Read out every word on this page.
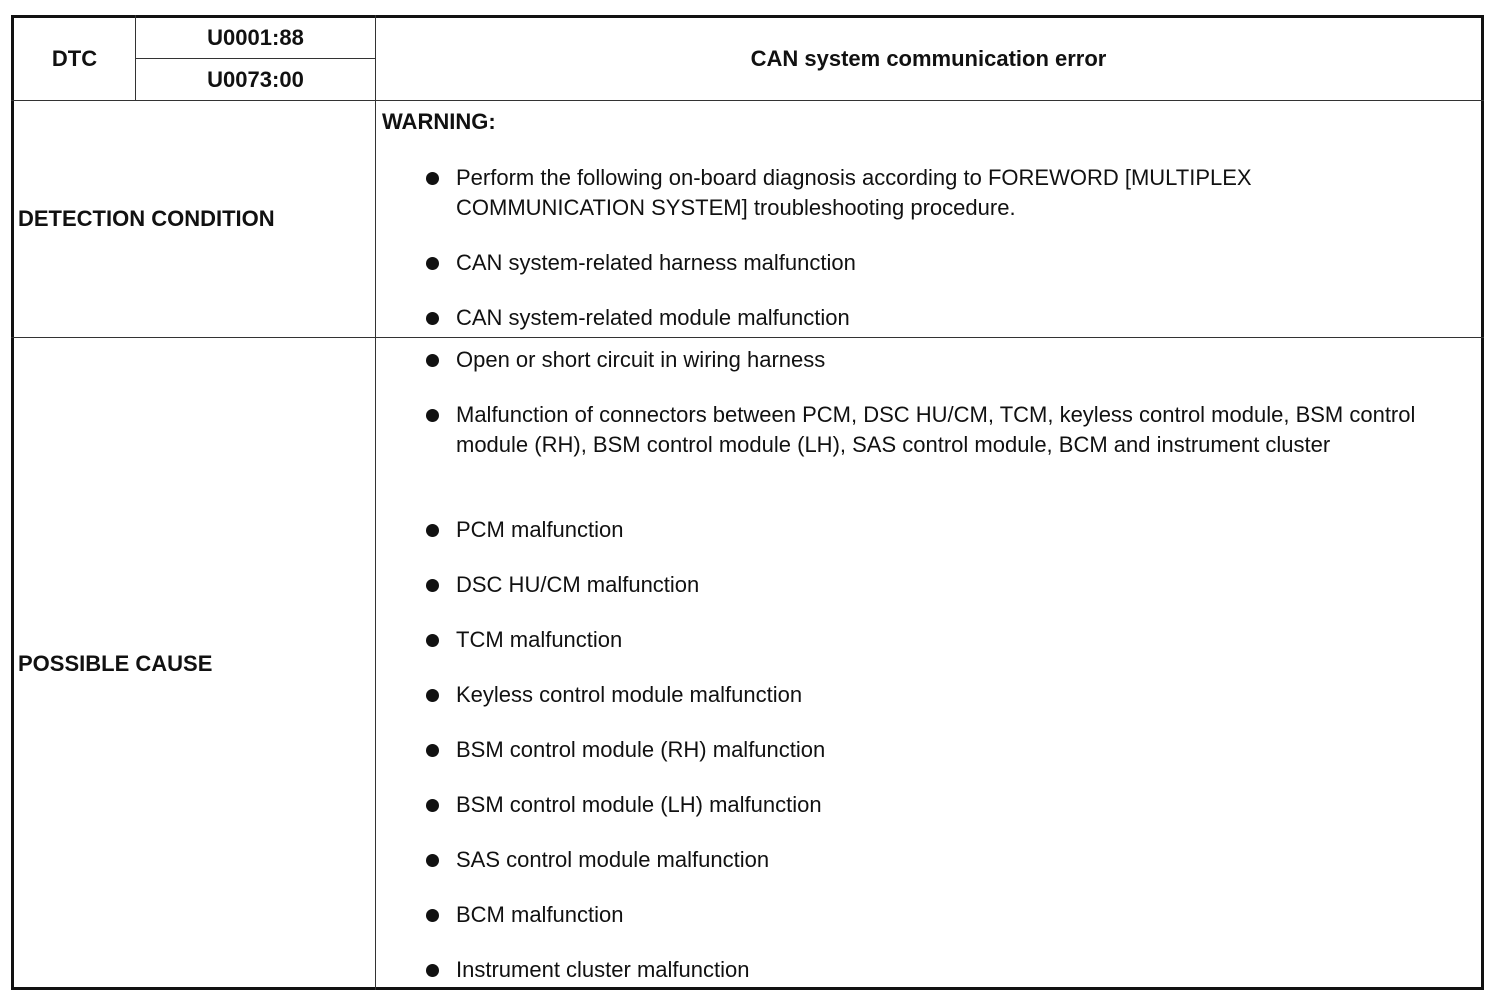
DTC
U0001:88
U0073:00
CAN system communication error
DETECTION CONDITION
WARNING:
Perform the following on-board diagnosis according to FOREWORD [MULTIPLEX COMMUNICATION SYSTEM] troubleshooting procedure.
CAN system-related harness malfunction
CAN system-related module malfunction
POSSIBLE CAUSE
Open or short circuit in wiring harness
Malfunction of connectors between PCM, DSC HU/CM, TCM, keyless control module, BSM control module (RH), BSM control module (LH), SAS control module, BCM and instrument cluster
PCM malfunction
DSC HU/CM malfunction
TCM malfunction
Keyless control module malfunction
BSM control module (RH) malfunction
BSM control module (LH) malfunction
SAS control module malfunction
BCM malfunction
Instrument cluster malfunction
